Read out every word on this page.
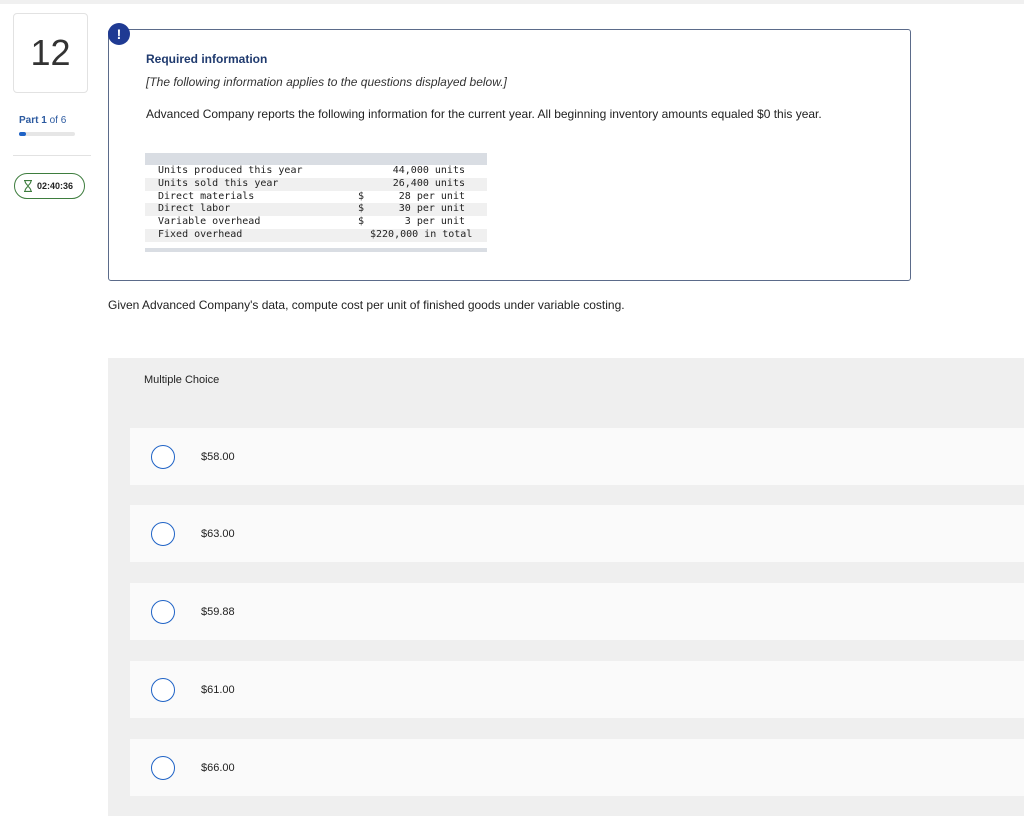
12
Part 1 of 6
02:40:36
!
Required information
[The following information applies to the questions displayed below.]
Advanced Company reports the following information for the current year. All beginning inventory amounts equaled $0 this year.
Units produced this year	44,000 units
Units sold this year	26,400 units
Direct materials	$	28 per unit
Direct labor	$	30 per unit
Variable overhead	$	3 per unit
Fixed overhead	$220,000 in total
Given Advanced Company's data, compute cost per unit of finished goods under variable costing.
Multiple Choice
$58.00
$63.00
$59.88
$61.00
$66.00
